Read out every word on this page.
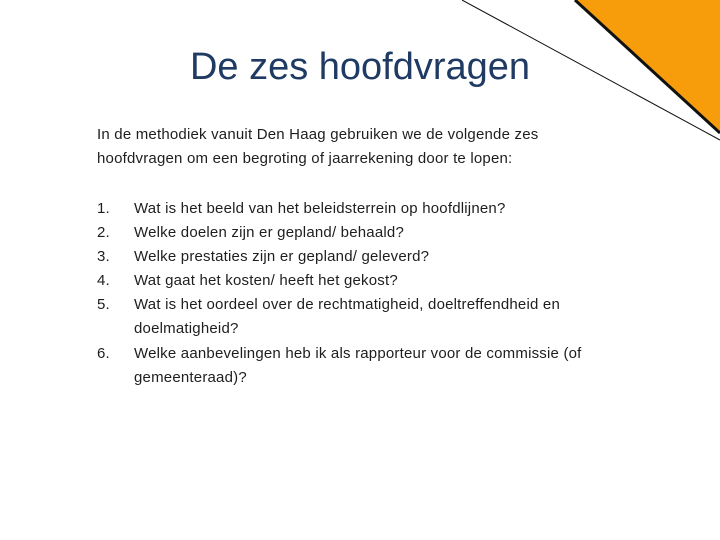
De zes hoofdvragen
In de methodiek vanuit Den Haag gebruiken we de volgende zes
hoofdvragen om een begroting of jaarrekening door te lopen:
1.	Wat is het beeld van het beleidsterrein op hoofdlijnen?
2.	Welke doelen zijn er gepland/ behaald?
3.	Welke prestaties zijn er gepland/ geleverd?
4.	Wat gaat het kosten/ heeft het gekost?
5.	Wat is het oordeel over de rechtmatigheid, doeltreffendheid en doelmatigheid?
6.	Welke aanbevelingen heb ik als rapporteur voor de commissie (of gemeenteraad)?
